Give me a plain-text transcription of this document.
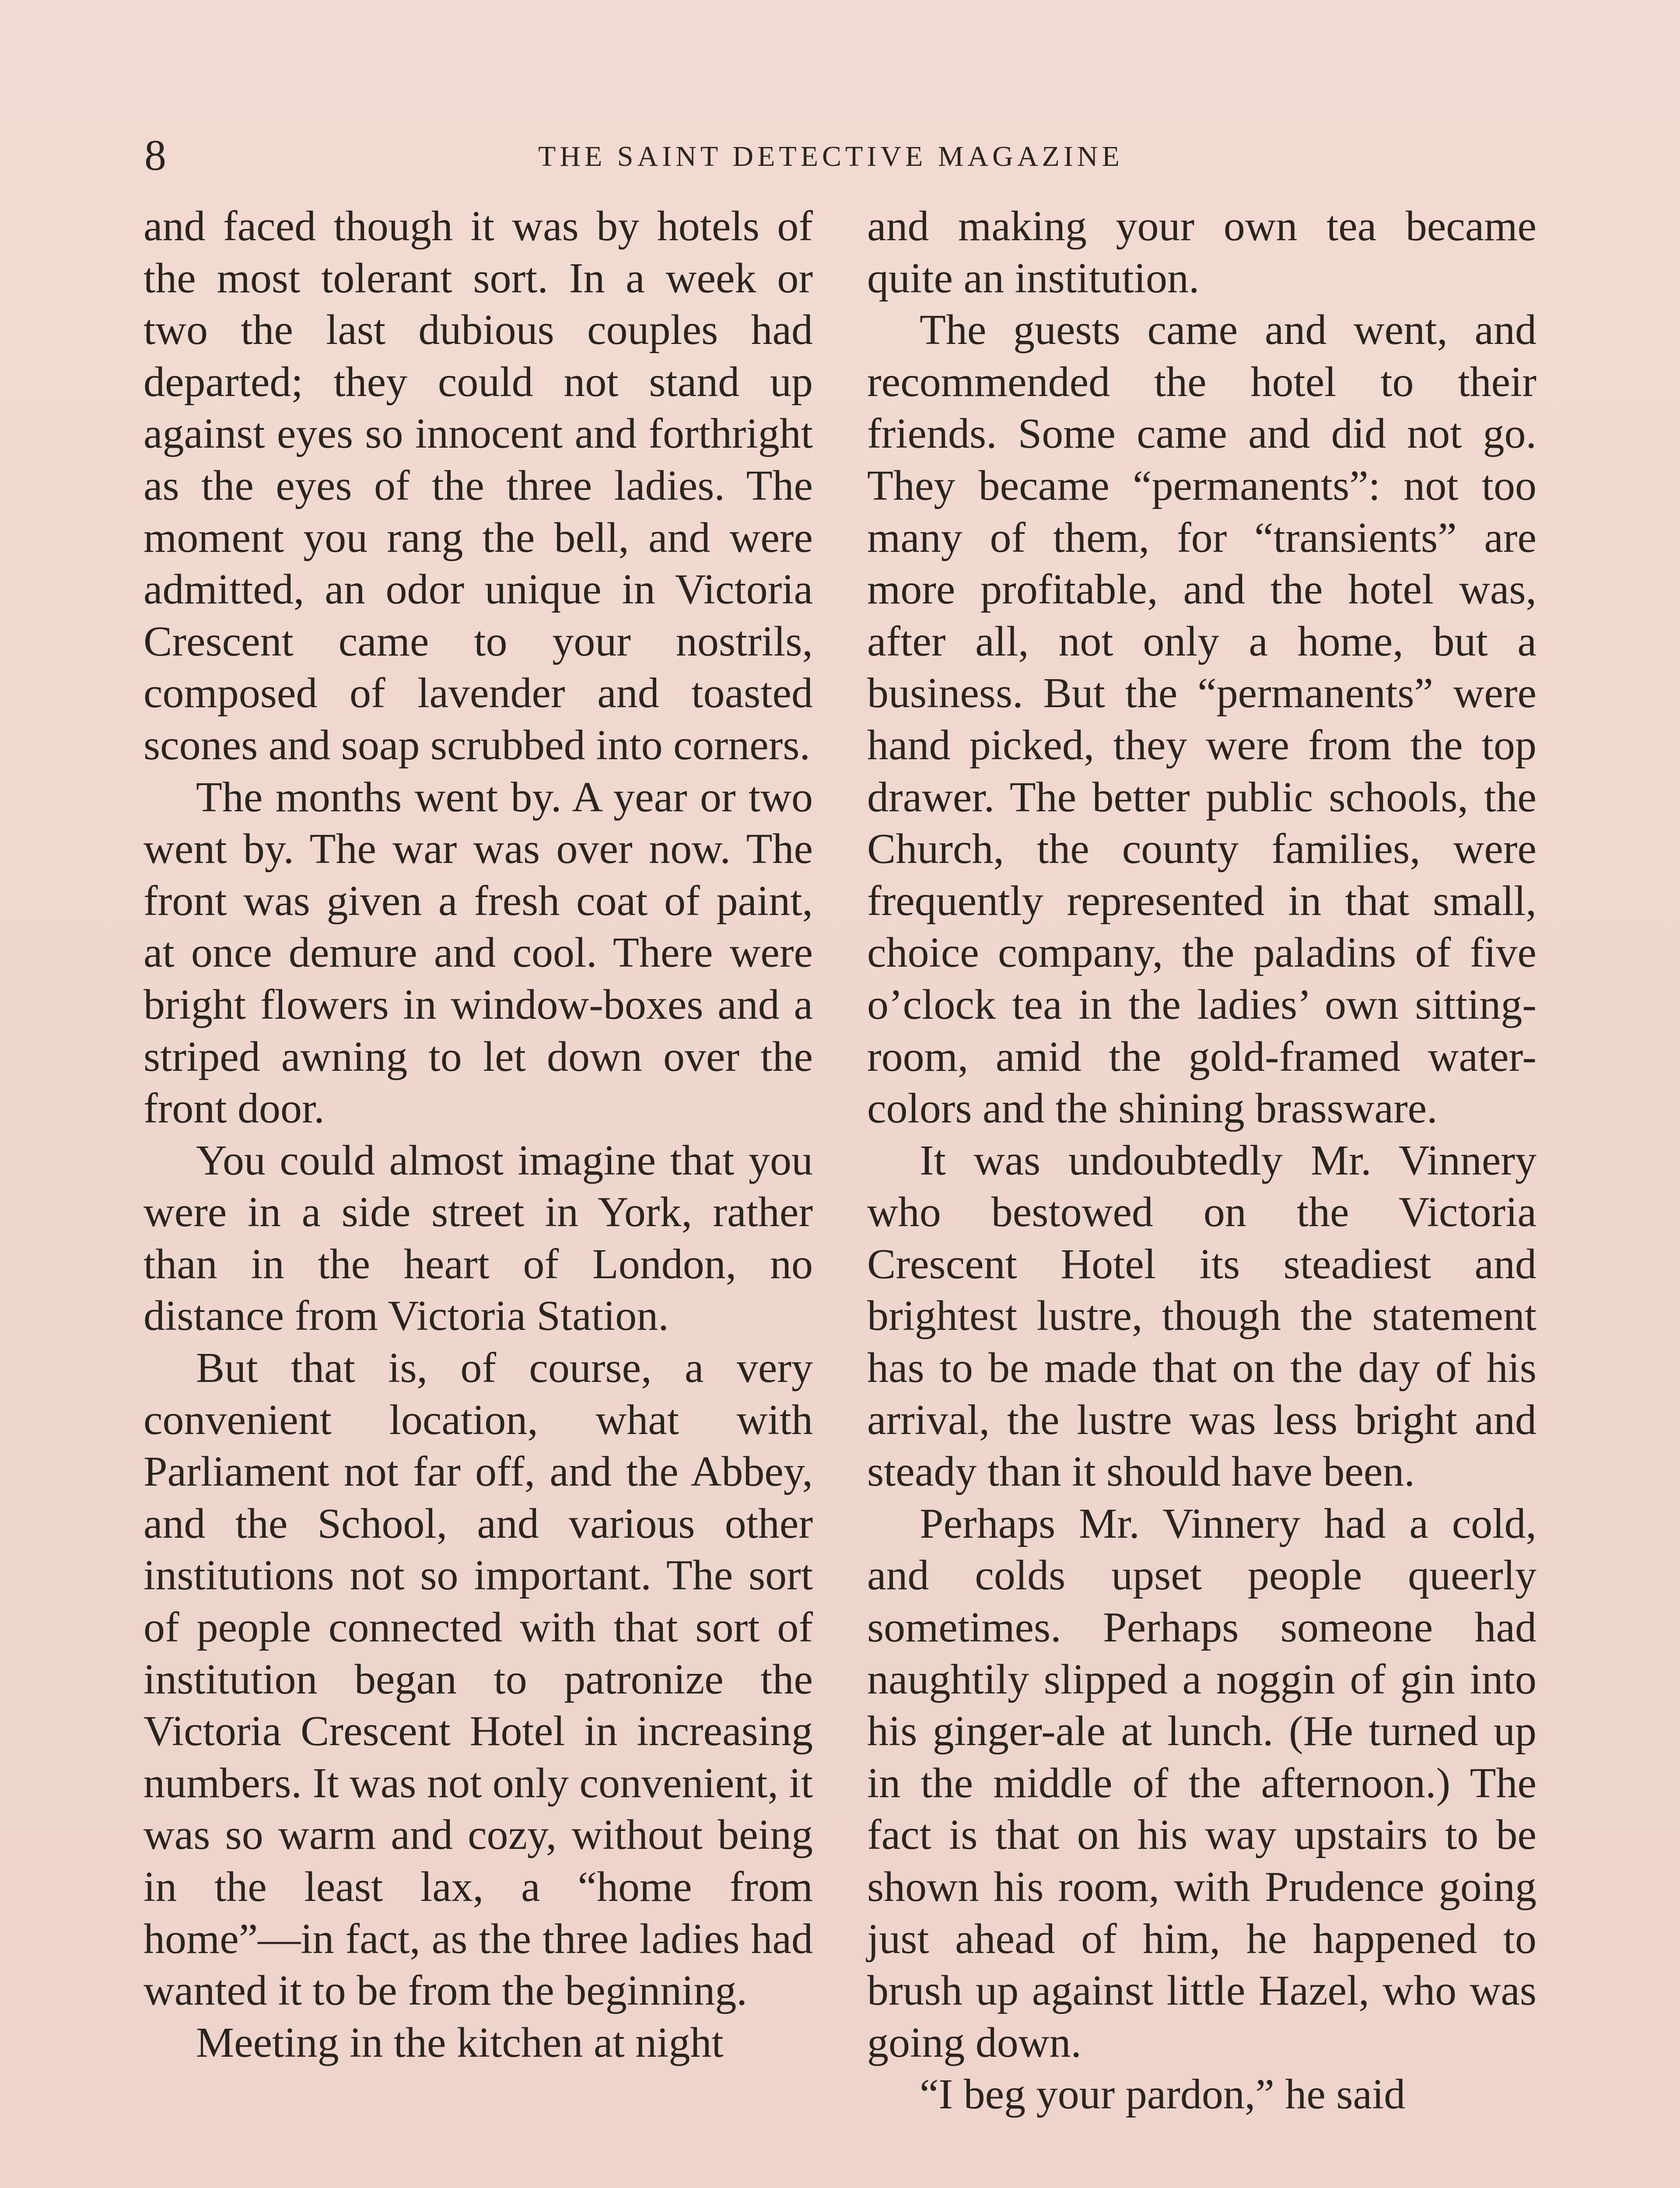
8	THE SAINT DETECTIVE MAGAZINE

and faced though it was by hotels of the most tolerant sort. In a week or two the last dubious couples had departed; they could not stand up against eyes so innocent and forthright as the eyes of the three ladies. The moment you rang the bell, and were admitted, an odor unique in Victoria Crescent came to your nostrils, composed of lavender and toasted scones and soap scrubbed into corners.

The months went by. A year or two went by. The war was over now. The front was given a fresh coat of paint, at once demure and cool. There were bright flowers in window-boxes and a striped awning to let down over the front door.

You could almost imagine that you were in a side street in York, rather than in the heart of London, no distance from Victoria Station.

But that is, of course, a very convenient location, what with Parliament not far off, and the Abbey, and the School, and various other institutions not so important. The sort of people connected with that sort of institution began to patronize the Victoria Crescent Hotel in increasing numbers. It was not only convenient, it was so warm and cozy, without being in the least lax, a “home from home”—in fact, as the three ladies had wanted it to be from the beginning.

Meeting in the kitchen at night

and making your own tea became quite an institution.

The guests came and went, and recommended the hotel to their friends. Some came and did not go. They became “permanents”: not too many of them, for “transients” are more profitable, and the hotel was, after all, not only a home, but a business. But the “permanents” were hand picked, they were from the top drawer. The better public schools, the Church, the county families, were frequently represented in that small, choice company, the paladins of five o’clock tea in the ladies’ own sitting-room, amid the gold-framed water-colors and the shining brassware.

It was undoubtedly Mr. Vinnery who bestowed on the Victoria Crescent Hotel its steadiest and brightest lustre, though the statement has to be made that on the day of his arrival, the lustre was less bright and steady than it should have been.

Perhaps Mr. Vinnery had a cold, and colds upset people queerly sometimes. Perhaps someone had naughtily slipped a noggin of gin into his ginger-ale at lunch. (He turned up in the middle of the afternoon.) The fact is that on his way upstairs to be shown his room, with Prudence going just ahead of him, he happened to brush up against little Hazel, who was going down.

“I beg your pardon,” he said
